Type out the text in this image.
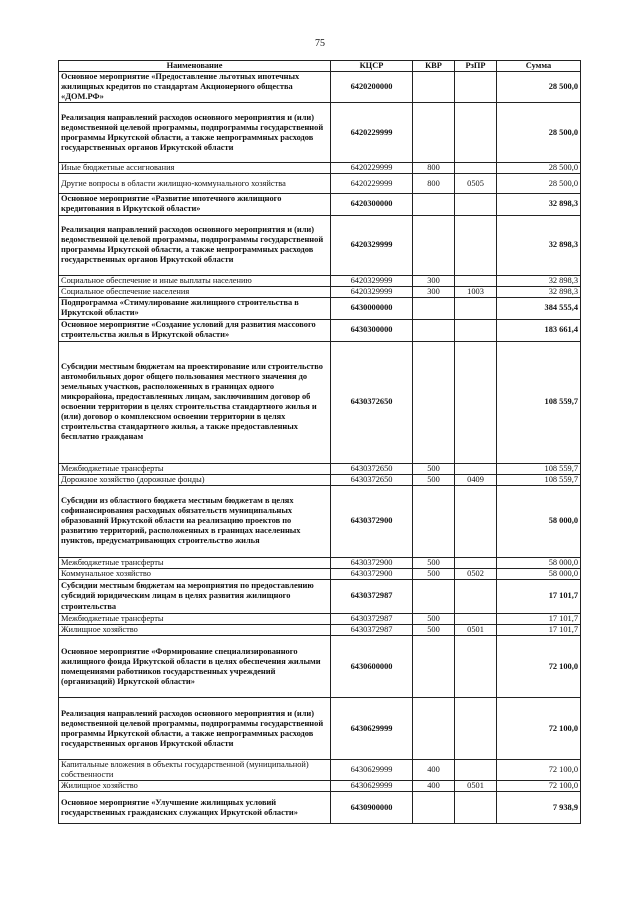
75
Наименование	КЦСР	КВР	РзПР	Сумма
Основное мероприятие «Предоставление льготных ипотечных жилищных кредитов по стандартам Акционерного общества «ДОМ.РФ»	6420200000			28 500,0
Реализация направлений расходов основного мероприятия и (или) ведомственной целевой программы, подпрограммы государственной программы Иркутской области, а также непрограммных расходов государственных органов Иркутской области	6420229999			28 500,0
Иные бюджетные ассигнования	6420229999	800		28 500,0
Другие вопросы в области жилищно-коммунального хозяйства	6420229999	800	0505	28 500,0
Основное мероприятие «Развитие ипотечного жилищного кредитования в Иркутской области»	6420300000			32 898,3
Реализация направлений расходов основного мероприятия и (или) ведомственной целевой программы, подпрограммы государственной программы Иркутской области, а также непрограммных расходов государственных органов Иркутской области	6420329999			32 898,3
Социальное обеспечение и иные выплаты населению	6420329999	300		32 898,3
Социальное обеспечение населения	6420329999	300	1003	32 898,3
Подпрограмма «Стимулирование жилищного строительства в Иркутской области»	6430000000			384 555,4
Основное мероприятие «Создание условий для развития массового строительства жилья в Иркутской области»	6430300000			183 661,4
Субсидии местным бюджетам на проектирование или строительство автомобильных дорог общего пользования местного значения до земельных участков, расположенных в границах одного микрорайона, предоставленных лицам, заключившим договор об освоении территории в целях строительства стандартного жилья и (или) договор о комплексном освоении территории в целях строительства стандартного жилья, а также предоставленных бесплатно гражданам	6430372650			108 559,7
Межбюджетные трансферты	6430372650	500		108 559,7
Дорожное хозяйство (дорожные фонды)	6430372650	500	0409	108 559,7
Субсидии из областного бюджета местным бюджетам в целях софинансирования расходных обязательств муниципальных образований Иркутской области на реализацию проектов по развитию территорий, расположенных в границах населенных пунктов, предусматривающих строительство жилья	6430372900			58 000,0
Межбюджетные трансферты	6430372900	500		58 000,0
Коммунальное хозяйство	6430372900	500	0502	58 000,0
Субсидии местным бюджетам на мероприятия по предоставлению субсидий юридическим лицам в целях развития жилищного строительства	6430372987			17 101,7
Межбюджетные трансферты	6430372987	500		17 101,7
Жилищное хозяйство	6430372987	500	0501	17 101,7
Основное мероприятие «Формирование специализированного жилищного фонда Иркутской области в целях обеспечения жилыми помещениями работников государственных учреждений (организаций) Иркутской области»	6430600000			72 100,0
Реализация направлений расходов основного мероприятия и (или) ведомственной целевой программы, подпрограммы государственной программы Иркутской области, а также непрограммных расходов государственных органов Иркутской области	6430629999			72 100,0
Капитальные вложения в объекты государственной (муниципальной) собственности	6430629999	400		72 100,0
Жилищное хозяйство	6430629999	400	0501	72 100,0
Основное мероприятие «Улучшение жилищных условий государственных гражданских служащих Иркутской области»	6430900000			7 938,9
